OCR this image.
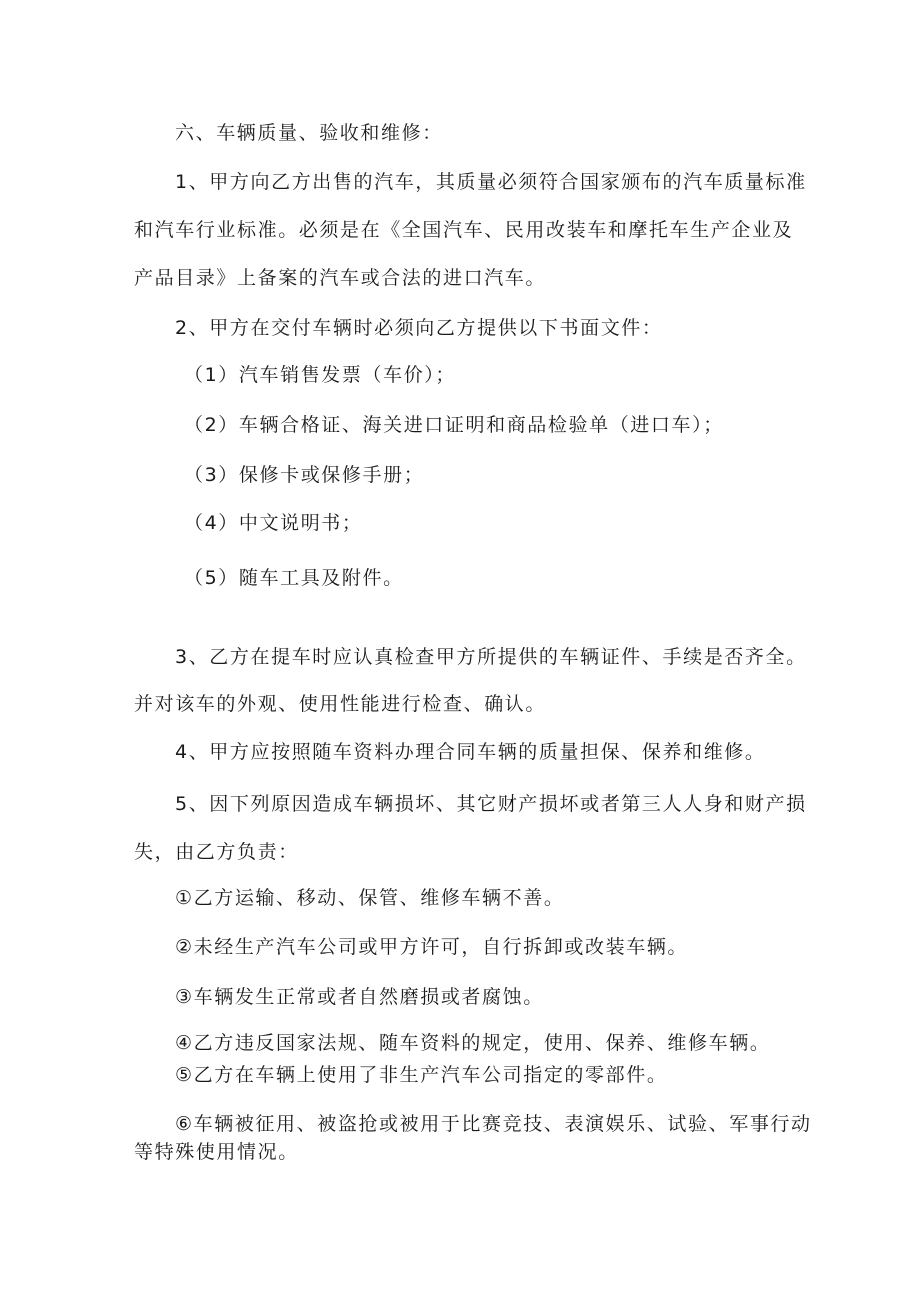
六、车辆质量、验收和维修：
1、甲方向乙方出售的汽车，其质量必须符合国家颁布的汽车质量标准
和汽车行业标准。必须是在《全国汽车、民用改装车和摩托车生产企业及
产品目录》上备案的汽车或合法的进口汽车。
2、甲方在交付车辆时必须向乙方提供以下书面文件：
（1）汽车销售发票（车价）；
（2）车辆合格证、海关进口证明和商品检验单（进口车）；
（3）保修卡或保修手册；
（4）中文说明书；
（5）随车工具及附件。
3、乙方在提车时应认真检查甲方所提供的车辆证件、手续是否齐全。
并对该车的外观、使用性能进行检查、确认。
4、甲方应按照随车资料办理合同车辆的质量担保、保养和维修。
5、因下列原因造成车辆损坏、其它财产损坏或者第三人人身和财产损
失，由乙方负责：
①乙方运输、移动、保管、维修车辆不善。
②未经生产汽车公司或甲方许可，自行拆卸或改装车辆。
③车辆发生正常或者自然磨损或者腐蚀。
④乙方违反国家法规、随车资料的规定，使用、保养、维修车辆。
⑤乙方在车辆上使用了非生产汽车公司指定的零部件。
⑥车辆被征用、被盗抢或被用于比赛竞技、表演娱乐、试验、军事行动
等特殊使用情况。
